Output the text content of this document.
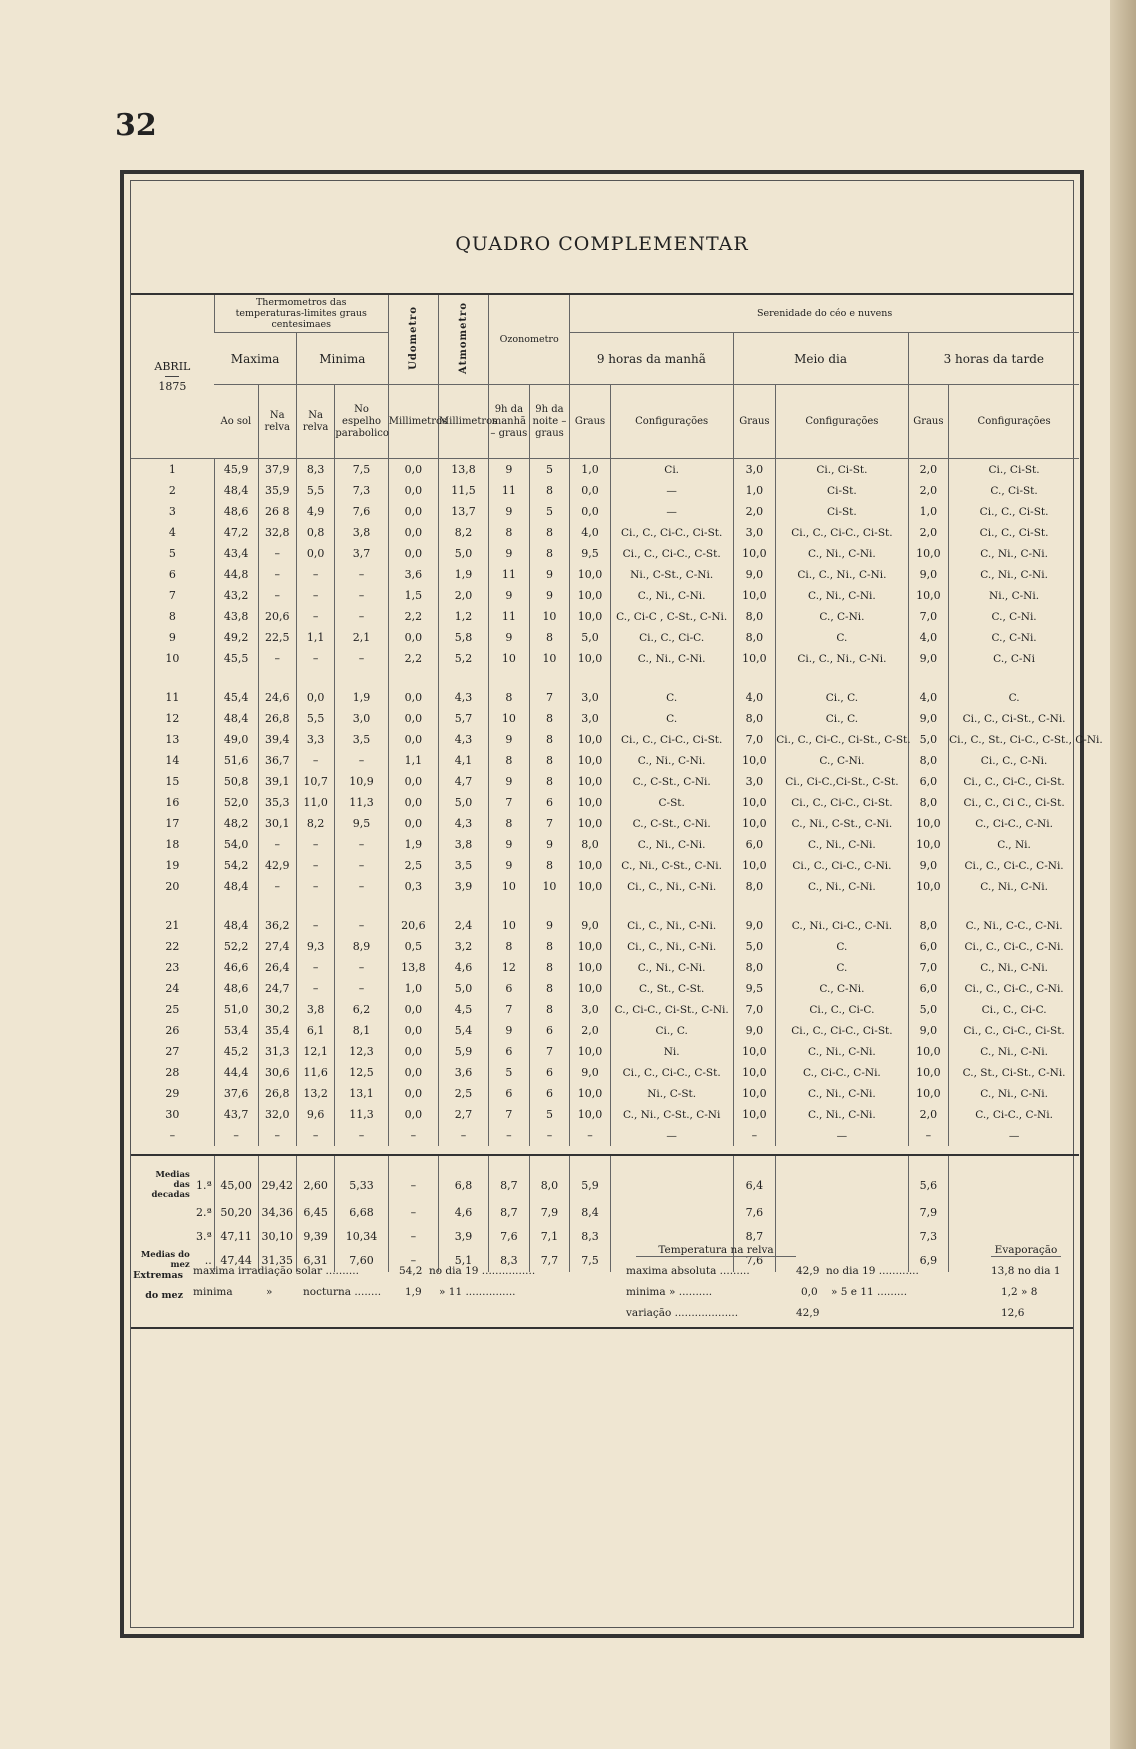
32
QUADRO COMPLEMENTAR
ABRIL
1875	Thermometros das temperaturas-limites graus centesimaes				Udometro	Atmometro	Ozonometro		Serenidade do céo e nuvens					
	Maxima		Minima						9 horas da manhã		Meio dia		3 horas da tarde	
	Ao sol	Na relva	Na relva	No espelho parabolico	Millimetros	Millimetros	9h da manhã – graus	9h da noite – graus	Graus	Configurações	Graus	Configurações	Graus	Configurações
1	45,9	37,9	8,3	7,5	0,0	13,8	9	5	1,0	Ci.	3,0	Ci., Ci-St.	2,0	Ci., Ci-St.
2	48,4	35,9	5,5	7,3	0,0	11,5	11	8	0,0	—	1,0	Ci-St.	2,0	C., Ci-St.
3	48,6	26 8	4,9	7,6	0,0	13,7	9	5	0,0	—	2,0	Ci-St.	1,0	Ci., C., Ci-St.
4	47,2	32,8	0,8	3,8	0,0	8,2	8	8	4,0	Ci., C., Ci-C., Ci-St.	3,0	Ci., C., Ci-C., Ci-St.	2,0	Ci., C., Ci-St.
5	43,4	–	0,0	3,7	0,0	5,0	9	8	9,5	Ci., C., Ci-C., C-St.	10,0	C., Ni., C-Ni.	10,0	C., Ni., C-Ni.
6	44,8	–	–	–	3,6	1,9	11	9	10,0	Ni., C-St., C-Ni.	9,0	Ci., C., Ni., C-Ni.	9,0	C., Ni., C-Ni.
7	43,2	–	–	–	1,5	2,0	9	9	10,0	C., Ni., C-Ni.	10,0	C., Ni., C-Ni.	10,0	Ni., C-Ni.
8	43,8	20,6	–	–	2,2	1,2	11	10	10,0	C., Ci-C , C-St., C-Ni.	8,0	C., C-Ni.	7,0	C., C-Ni.
9	49,2	22,5	1,1	2,1	0,0	5,8	9	8	5,0	Ci., C., Ci-C.	8,0	C.	4,0	C., C-Ni.
10	45,5	–	–	–	2,2	5,2	10	10	10,0	C., Ni., C-Ni.	10,0	Ci., C., Ni., C-Ni.	9,0	C., C-Ni

11	45,4	24,6	0,0	1,9	0,0	4,3	8	7	3,0	C.	4,0	Ci., C.	4,0	C.
12	48,4	26,8	5,5	3,0	0,0	5,7	10	8	3,0	C.	8,0	Ci., C.	9,0	Ci., C., Ci-St., C-Ni.
13	49,0	39,4	3,3	3,5	0,0	4,3	9	8	10,0	Ci., C., Ci-C., Ci-St.	7,0	Ci., C., Ci-C., Ci-St., C-St.	5,0	Ci., C., St., Ci-C., C-St., C-Ni.
14	51,6	36,7	–	–	1,1	4,1	8	8	10,0	C., Ni., C-Ni.	10,0	C., C-Ni.	8,0	Ci., C., C-Ni.
15	50,8	39,1	10,7	10,9	0,0	4,7	9	8	10,0	C., C-St., C-Ni.	3,0	Ci., Ci-C.,Ci-St., C-St.	6,0	Ci., C., Ci-C., Ci-St.
16	52,0	35,3	11,0	11,3	0,0	5,0	7	6	10,0	C-St.	10,0	Ci., C., Ci-C., Ci-St.	8,0	Ci., C., Ci C., Ci-St.
17	48,2	30,1	8,2	9,5	0,0	4,3	8	7	10,0	C., C-St., C-Ni.	10,0	C., Ni., C-St., C-Ni.	10,0	C., Ci-C., C-Ni.
18	54,0	–	–	–	1,9	3,8	9	9	8,0	C., Ni., C-Ni.	6,0	C., Ni., C-Ni.	10,0	C., Ni.
19	54,2	42,9	–	–	2,5	3,5	9	8	10,0	C., Ni., C-St., C-Ni.	10,0	Ci., C., Ci-C., C-Ni.	9,0	Ci., C., Ci-C., C-Ni.
20	48,4	–	–	–	0,3	3,9	10	10	10,0	Ci., C., Ni., C-Ni.	8,0	C., Ni., C-Ni.	10,0	C., Ni., C-Ni.

21	48,4	36,2	–	–	20,6	2,4	10	9	9,0	Ci., C., Ni., C-Ni.	9,0	C., Ni., Ci-C., C-Ni.	8,0	C., Ni., C-C., C-Ni.
22	52,2	27,4	9,3	8,9	0,5	3,2	8	8	10,0	Ci., C., Ni., C-Ni.	5,0	C.	6,0	Ci., C., Ci-C., C-Ni.
23	46,6	26,4	–	–	13,8	4,6	12	8	10,0	C., Ni., C-Ni.	8,0	C.	7,0	C., Ni., C-Ni.
24	48,6	24,7	–	–	1,0	5,0	6	8	10,0	C., St., C-St.	9,5	C., C-Ni.	6,0	Ci., C., Ci-C., C-Ni.
25	51,0	30,2	3,8	6,2	0,0	4,5	7	8	3,0	C., Ci-C., Ci-St., C-Ni.	7,0	Ci., C., Ci-C.	5,0	Ci., C., Ci-C.
26	53,4	35,4	6,1	8,1	0,0	5,4	9	6	2,0	Ci., C.	9,0	Ci., C., Ci-C., Ci-St.	9,0	Ci., C., Ci-C., Ci-St.
27	45,2	31,3	12,1	12,3	0,0	5,9	6	7	10,0	Ni.	10,0	C., Ni., C-Ni.	10,0	C., Ni., C-Ni.
28	44,4	30,6	11,6	12,5	0,0	3,6	5	6	9,0	Ci., C., Ci-C., C-St.	10,0	C., Ci-C., C-Ni.	10,0	C., St., Ci-St., C-Ni.
29	37,6	26,8	13,2	13,1	0,0	2,5	6	6	10,0	Ni., C-St.	10,0	C., Ni., C-Ni.	10,0	C., Ni., C-Ni.
30	43,7	32,0	9,6	11,3	0,0	2,7	7	5	10,0	C., Ni., C-St., C-Ni	10,0	C., Ni., C-Ni.	2,0	C., Ci-C., C-Ni.
–	–	–	–	–	–	–	–	–	–	—	–	—	–	—

Medias das decadas1.ª	45,00	29,42	2,60	5,33	–	6,8	8,7	8,0	5,9		6,4		5,6	
2.ª	50,20	34,36	6,45	6,68	–	4,6	8,7	7,9	8,4		7,6		7,9	
3.ª	47,11	30,10	9,39	10,34	–	3,9	7,6	7,1	8,3		8,7		7,3	
Medias do mez ..	47,44	31,35	6,31	7,60	–	5,1	8,3	7,7	7,5		7,6		6,9	
Temperatura na relva	Evaporação
Extremas do mez
maxima irradiação solar ..........	54,2 no dia 19 ................	maxima absoluta .........	42,9 no dia 19 ............	13,8 no dia 1
minima	»	nocturna ........ 1,9 » 11 ...............	minima » ..........	0,0 » 5 e 11 .........	1,2 » 8
variação ...................	42,9	12,6
